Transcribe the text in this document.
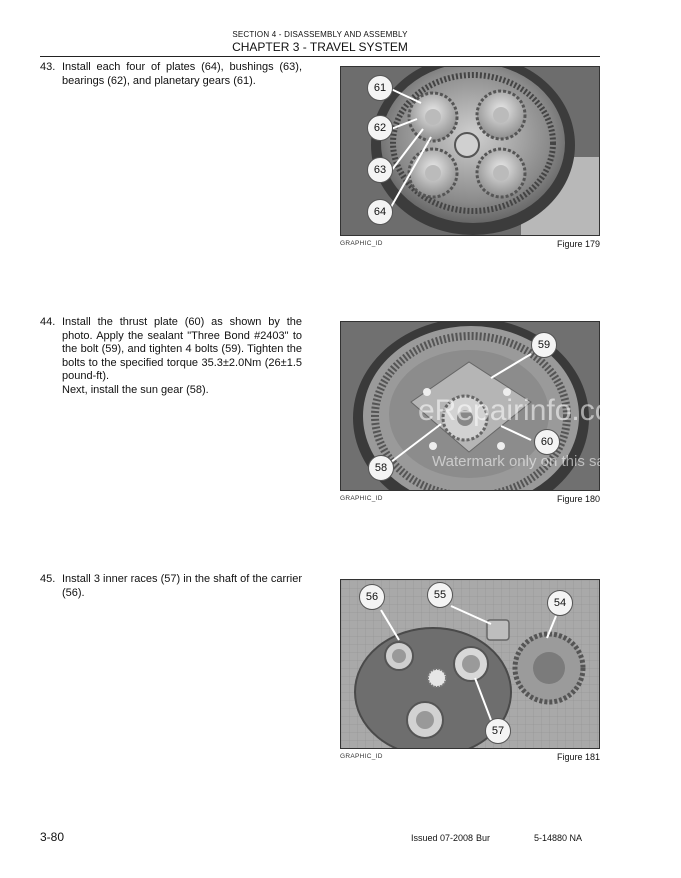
SECTION 4 - DISASSEMBLY AND ASSEMBLY
CHAPTER 3 - TRAVEL SYSTEM
43. Install each four of plates (64), bushings (63), bearings (62), and planetary gears (61).

61
62
63
64
GRAPHIC_ID	Figure 179
44. Install the thrust plate (60) as shown by the photo. Apply the sealant "Three Bond #2403" to the bolt (59), and tighten 4 bolts (59). Tighten the bolts to the specified torque 35.3±2.0Nm (26±1.5 pound-ft).

Next, install the sun gear (58).

59
60
58
eRepairinfo.com
Watermark only on this sample
GRAPHIC_ID	Figure 180
45. Install 3 inner races (57) in the shaft of the carrier (56).	56	55
54
57
GRAPHIC_ID	Figure 181
3-80	Issued 07-2008 Bur	5-14880 NA
